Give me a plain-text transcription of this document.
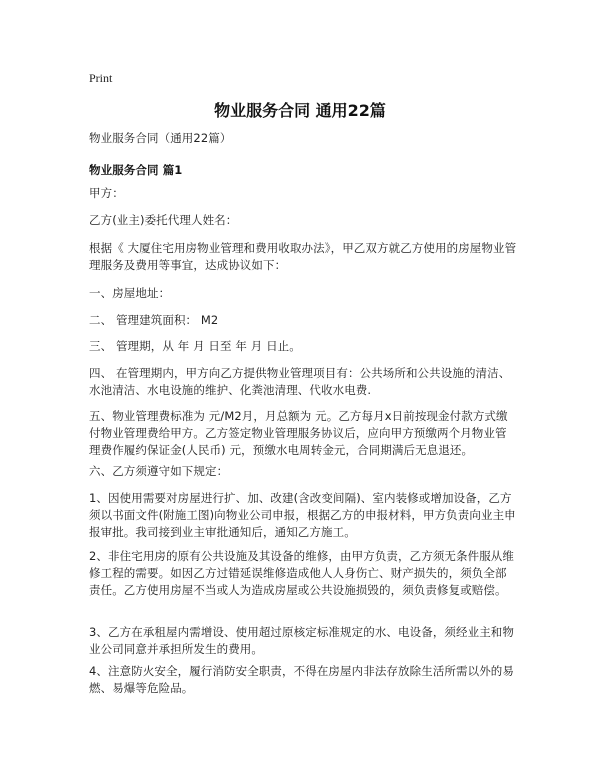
Print
物业服务合同 通用22篇

物业服务合同（通用22篇）

物业服务合同 篇1

甲方：

乙方(业主)委托代理人姓名：

根据《 大厦住宅用房物业管理和费用收取办法》，甲乙双方就乙方使用的房屋物业管理服务及费用等事宜，达成协议如下：

一、房屋地址：

二、 管理建筑面积： M2

三、 管理期，从 年 月 日至 年 月 日止。

四、 在管理期内，甲方向乙方提供物业管理项目有：公共场所和公共设施的清洁、水池清洁、水电设施的维护、化粪池清理、代收水电费.

五、物业管理费标准为 元/M2月，月总额为 元。乙方每月x日前按现金付款方式缴付物业管理费给甲方。乙方签定物业管理服务协议后，应向甲方预缴两个月物业管理费作履约保证金(人民币) 元，预缴水电周转金元，合同期满后无息退还。

六、乙方须遵守如下规定：

1、因使用需要对房屋进行扩、加、改建(含改变间隔)、室内装修或增加设备，乙方须以书面文件(附施工图)向物业公司申报，根据乙方的申报材料，甲方负责向业主申报审批。我司接到业主审批通知后，通知乙方施工。

2、非住宅用房的原有公共设施及其设备的维修，由甲方负责，乙方须无条件服从维修工程的需要。如因乙方过错延误维修造成他人人身伤亡、财产损失的，须负全部责任。乙方使用房屋不当或人为造成房屋或公共设施损毁的，须负责修复或赔偿。

3、乙方在承租屋内需增设、使用超过原核定标准规定的水、电设备，须经业主和物业公司同意并承担所发生的费用。

4、注意防火安全，履行消防安全职责，不得在房屋内非法存放除生活所需以外的易燃、易爆等危险品。
